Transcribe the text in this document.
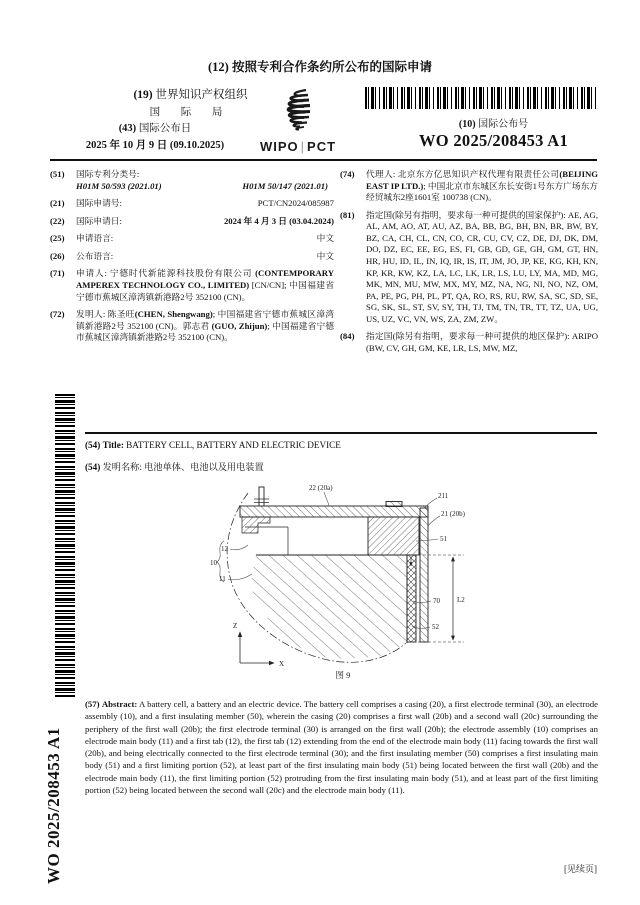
(12) 按照专利合作条约所公布的国际申请
(19) 世界知识产权组织
国 际 局
(43) 国际公布日
2025 年 10 月 9 日 (09.10.2025)	WIPO | PCT
(10) 国际公布号
WO 2025/208453 A1
(51)	国际专利分类号:
H01M 50/593 (2021.01)	H01M 50/147 (2021.01)
(21)	国际申请号:	PCT/CN2024/085987
(22)	国际申请日:	2024 年 4 月 3 日 (03.04.2024)
(25)	申请语言:	中文
(26)	公布语言:	中文
(71)	申请人: 宁德时代新能源科技股份有限公司 (CONTEMPORARY AMPEREX TECHNOLOGY CO., LIMITED) [CN/CN]; 中国福建省宁德市蕉城区漳湾镇新港路2号 352100 (CN)。
(72)	发明人: 陈圣旺(CHEN, Shengwang); 中国福建省宁德市蕉城区漳湾镇新港路2号 352100 (CN)。郭志君 (GUO, Zhijun); 中国福建省宁德市蕉城区漳湾镇新港路2号 352100 (CN)。
(74)	代理人: 北京东方亿思知识产权代理有限责任公司(BEIJING EAST IP LTD.); 中国北京市东城区东长安街1号东方广场东方经贸城东2座1601室 100738 (CN)。
(81)	指定国(除另有指明，要求每一种可提供的国家保护): AE, AG, AL, AM, AO, AT, AU, AZ, BA, BB, BG, BH, BN, BR, BW, BY, BZ, CA, CH, CL, CN, CO, CR, CU, CV, CZ, DE, DJ, DK, DM, DO, DZ, EC, EE, EG, ES, FI, GB, GD, GE, GH, GM, GT, HN, HR, HU, ID, IL, IN, IQ, IR, IS, IT, JM, JO, JP, KE, KG, KH, KN, KP, KR, KW, KZ, LA, LC, LK, LR, LS, LU, LY, MA, MD, MG, MK, MN, MU, MW, MX, MY, MZ, NA, NG, NI, NO, NZ, OM, PA, PE, PG, PH, PL, PT, QA, RO, RS, RU, RW, SA, SC, SD, SE, SG, SK, SL, ST, SV, SY, TH, TJ, TM, TN, TR, TT, TZ, UA, UG, US, UZ, VC, VN, WS, ZA, ZM, ZW。
(84)	指定国(除另有指明，要求每一种可提供的地区保护): ARIPO (BW, CV, GH, GM, KE, LR, LS, MW, MZ,
(54) Title: BATTERY CELL, BATTERY AND ELECTRIC DEVICE
(54) 发明名称: 电池单体、电池以及用电装置
22 (20a)
211
21 (20b)
51
70 L2
52
12
10
11
Z
X
图 9
(57) Abstract: A battery cell, a battery and an electric device. The battery cell comprises a casing (20), a first electrode terminal (30), an electrode assembly (10), and a first insulating member (50), wherein the casing (20) comprises a first wall (20b) and a second wall (20c) surrounding the periphery of the first wall (20b); the first electrode terminal (30) is arranged on the first wall (20b); the electrode assembly (10) comprises an electrode main body (11) and a first tab (12), the first tab (12) extending from the end of the electrode main body (11) facing towards the first wall (20b), and being electrically connected to the first electrode terminal (30); and the first insulating member (50) comprises a first insulating main body (51) and a first limiting portion (52), at least part of the first insulating main body (51) being located between the first wall (20b) and the electrode main body (11), the first limiting portion (52) protruding from the first insulating main body (51), and at least part of the first limiting portion (52) being located between the second wall (20c) and the electrode main body (11).
WO 2025/208453 A1	[见续页]
